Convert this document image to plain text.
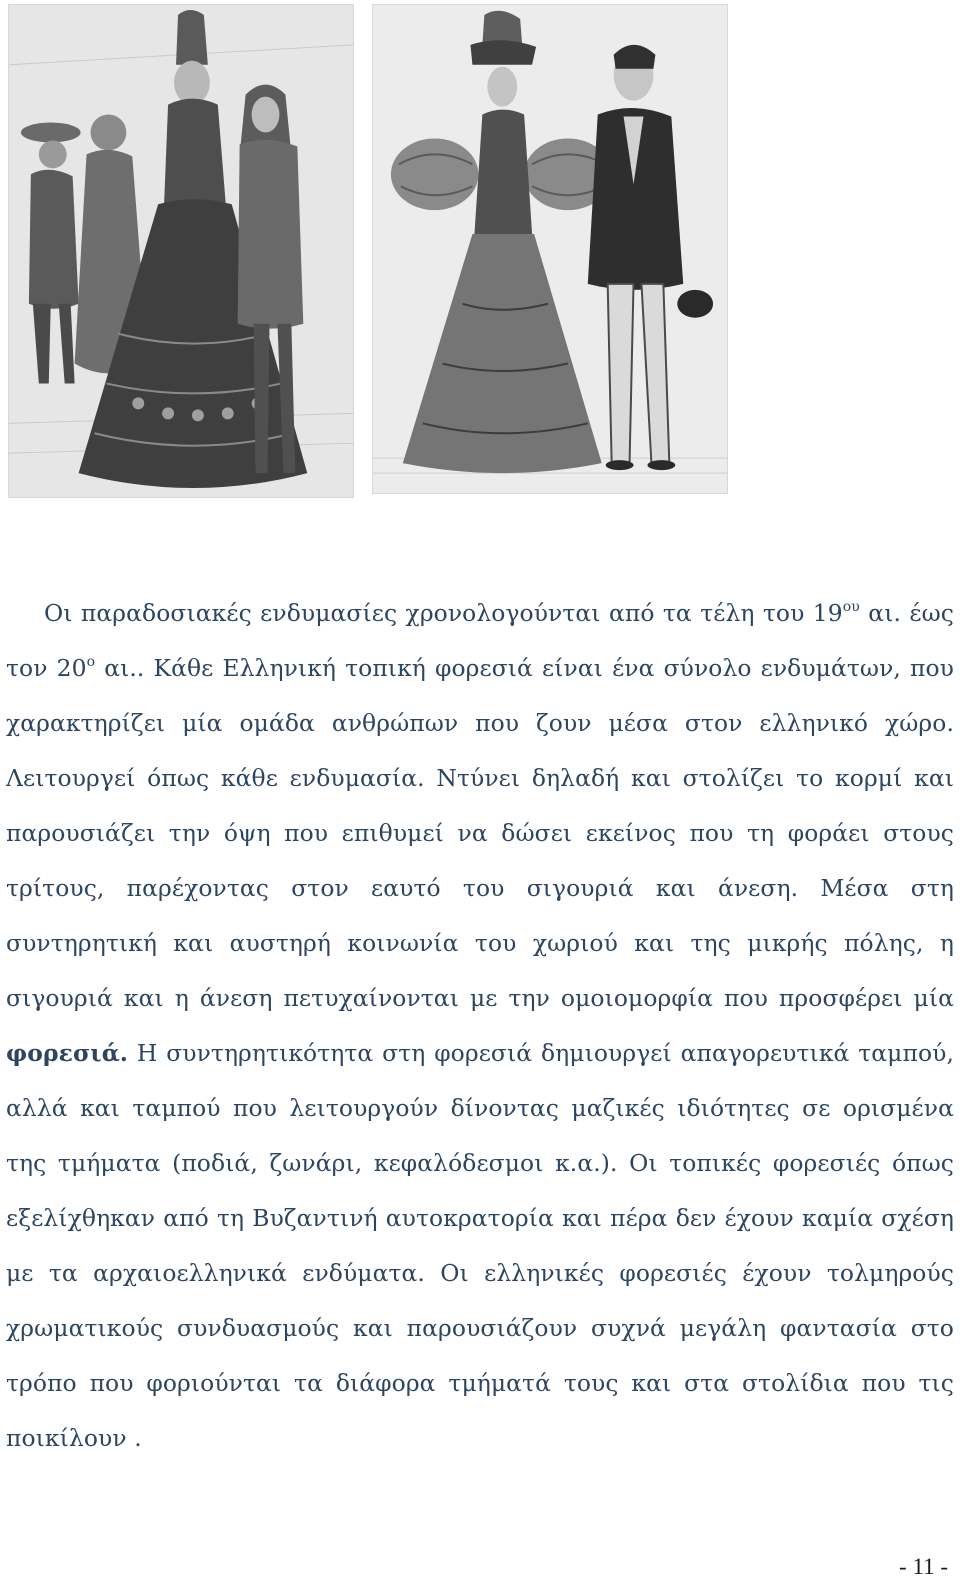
Οι παραδοσιακές ενδυμασίες χρονολογούνται από τα τέλη του $19^{o\upsilon}$ αι. έως τον $20^o$ αι.. Κάθε Ελληνική τοπική φορεσιά είναι ένα σύνολο ενδυμάτων, που χαρακτηρίζει μία ομάδα ανθρώπων που ζουν μέσα στον ελληνικό χώρο. Λειτουργεί όπως κάθε ενδυμασία. Ντύνει δηλαδή και στολίζει το κορμί και παρουσιάζει την όψη που επιθυμεί να δώσει εκείνος που τη φοράει στους τρίτους, παρέχοντας στον εαυτό του σιγουριά και άνεση. Μέσα στη συντηρητική και αυστηρή κοινωνία του χωριού και της μικρής πόλης, η σιγουριά και η άνεση πετυχαίνονται με την ομοιομορφία που προσφέρει μία φορεσιά. Η συντηρητικότητα στη φορεσιά δημιουργεί απαγορευτικά ταμπού, αλλά και ταμπού που λειτουργούν δίνοντας μαζικές ιδιότητες σε ορισμένα της τμήματα (ποδιά, ζωνάρι, κεφαλόδεσμοι κ.α.). Οι τοπικές φορεσιές όπως εξελίχθηκαν από τη Βυζαντινή αυτοκρατορία και πέρα δεν έχουν καμία σχέση με τα αρχαιοελληνικά ενδύματα. Οι ελληνικές φορεσιές έχουν τολμηρούς χρωματικούς συνδυασμούς και παρουσιάζουν συχνά μεγάλη φαντασία στο τρόπο που φοριούνται τα διάφορα τμήματά τους και στα στολίδια που τις ποικίλουν .

- 11 -
